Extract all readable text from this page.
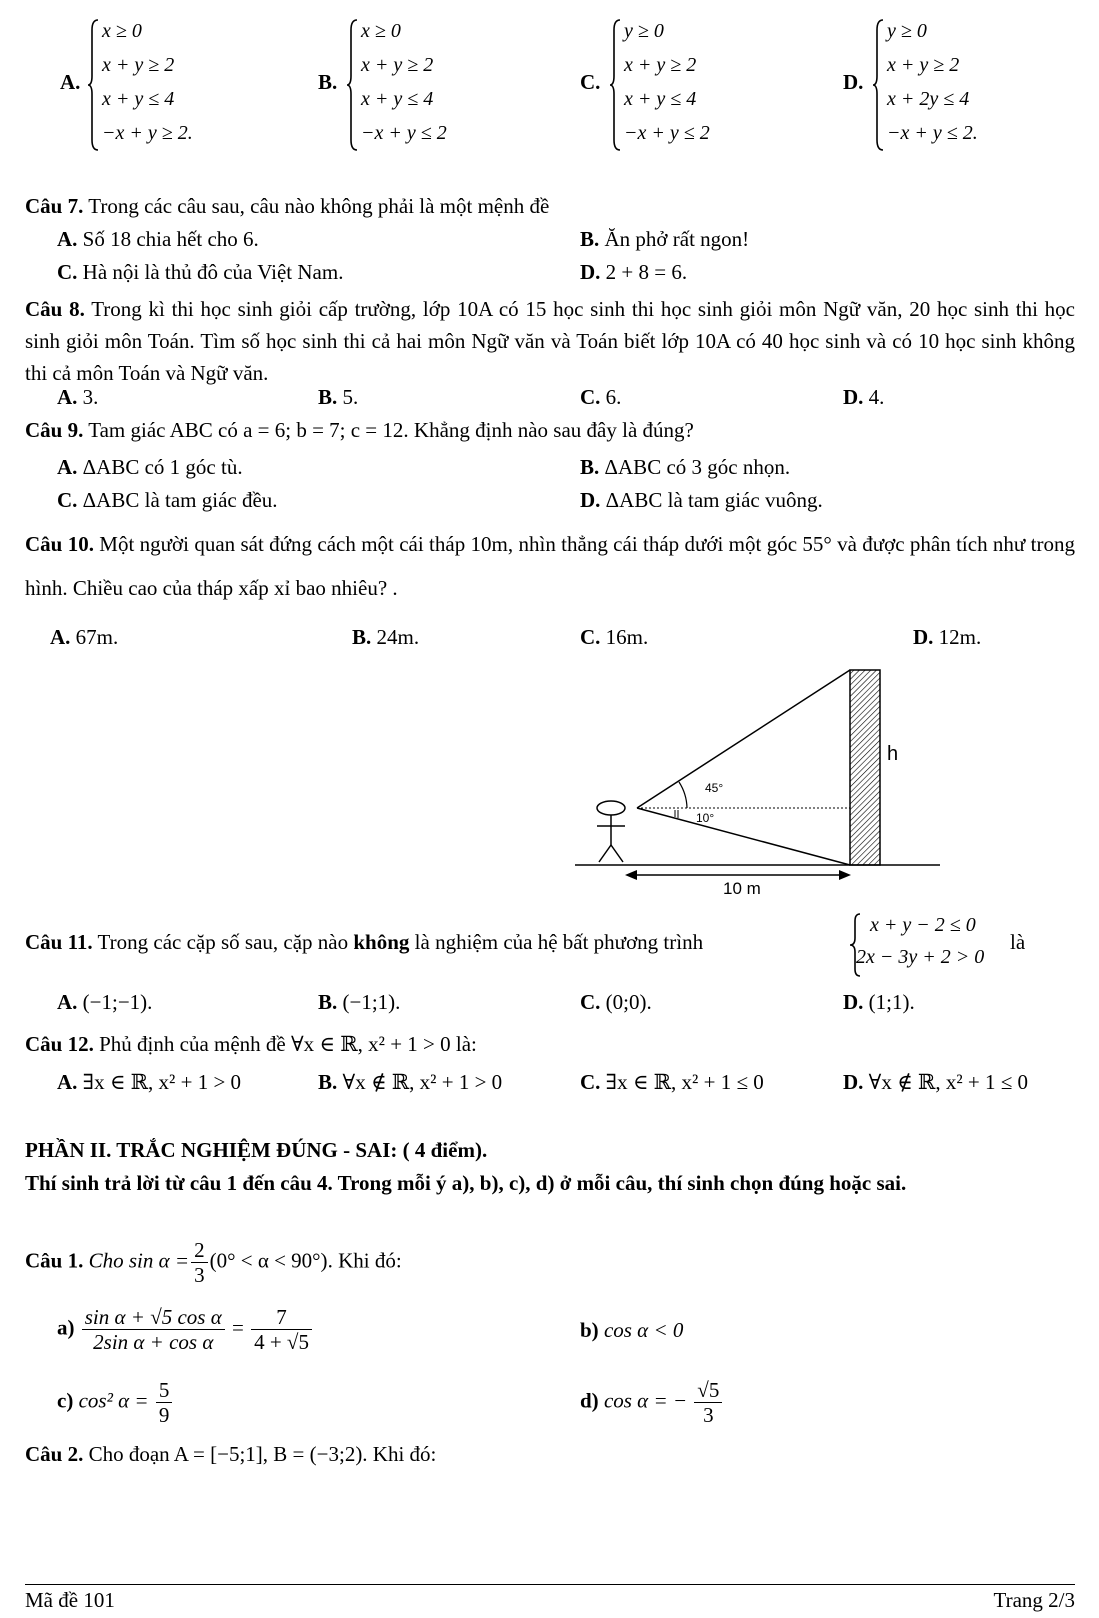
A.
x ≥ 0
x + y ≥ 2
x + y ≤ 4
−x + y ≥ 2.
B.
x ≥ 0
x + y ≥ 2
x + y ≤ 4
−x + y ≤ 2
C.
y ≥ 0
x + y ≥ 2
x + y ≤ 4
−x + y ≤ 2
D.
y ≥ 0
x + y ≥ 2
x + 2y ≤ 4
−x + y ≤ 2.
Câu 7. Trong các câu sau, câu nào không phải là một mệnh đề
A. Số 18 chia hết cho 6.	B. Ăn phở rất ngon!
C. Hà nội là thủ đô của Việt Nam.	D. 2 + 8 = 6.
Câu 8. Trong kì thi học sinh giỏi cấp trường, lớp 10A có 15 học sinh thi học sinh giỏi môn Ngữ văn, 20 học sinh thi học sinh giỏi môn Toán. Tìm số học sinh thi cả hai môn Ngữ văn và Toán biết lớp 10A có 40 học sinh và có 10 học sinh không thi cả môn Toán và Ngữ văn.
A. 3.	B. 5.	C. 6.	D. 4.
Câu 9. Tam giác ABC có a = 6; b = 7; c = 12. Khẳng định nào sau đây là đúng?
A. ΔABC có 1 góc tù.	B. ΔABC có 3 góc nhọn.
C. ΔABC là tam giác đều.	D. ΔABC là tam giác vuông.
Câu 10. Một người quan sát đứng cách một cái tháp 10m, nhìn thẳng cái tháp dưới một góc 55° và được phân tích như trong hình. Chiều cao của tháp xấp xỉ bao nhiêu? .
A. 67m.	B. 24m.	C. 16m.	D. 12m.
45°
10°
h
10 m
Câu 11. Trong các cặp số sau, cặp nào không là nghiệm của hệ bất phương trình
x + y − 2 ≤ 0
2x − 3y + 2 > 0
là
A. (−1;−1).	B. (−1;1).	C. (0;0).	D. (1;1).
Câu 12. Phủ định của mệnh đề ∀x ∈ ℝ, x² + 1 > 0 là:
A. ∃x ∈ ℝ, x² + 1 > 0	B. ∀x ∉ ℝ, x² + 1 > 0	C. ∃x ∈ ℝ, x² + 1 ≤ 0	D. ∀x ∉ ℝ, x² + 1 ≤ 0
PHẦN II. TRẮC NGHIỆM ĐÚNG - SAI: ( 4 điểm).
Thí sinh trả lời từ câu 1 đến câu 4. Trong mỗi ý a), b), c), d) ở mỗi câu, thí sinh chọn đúng hoặc sai.
Câu 1. Cho $\sin \alpha = \frac{2}{3} (0^\circ < \alpha < 90^\circ)$. Khi đó:
$a) \frac{\text{sin α + √5 cos α}}{\text{2sin α + cos α}} = \frac{7}{4 + √5}$	b) cos α < 0
c) cos² $\alpha = \frac{5}{9}$	d) cos α = − $\frac{√5}{3}$
Câu 2. Cho đoạn A = [−5;1], B = (−3;2). Khi đó:
Mã đề 101	Trang 2/3
